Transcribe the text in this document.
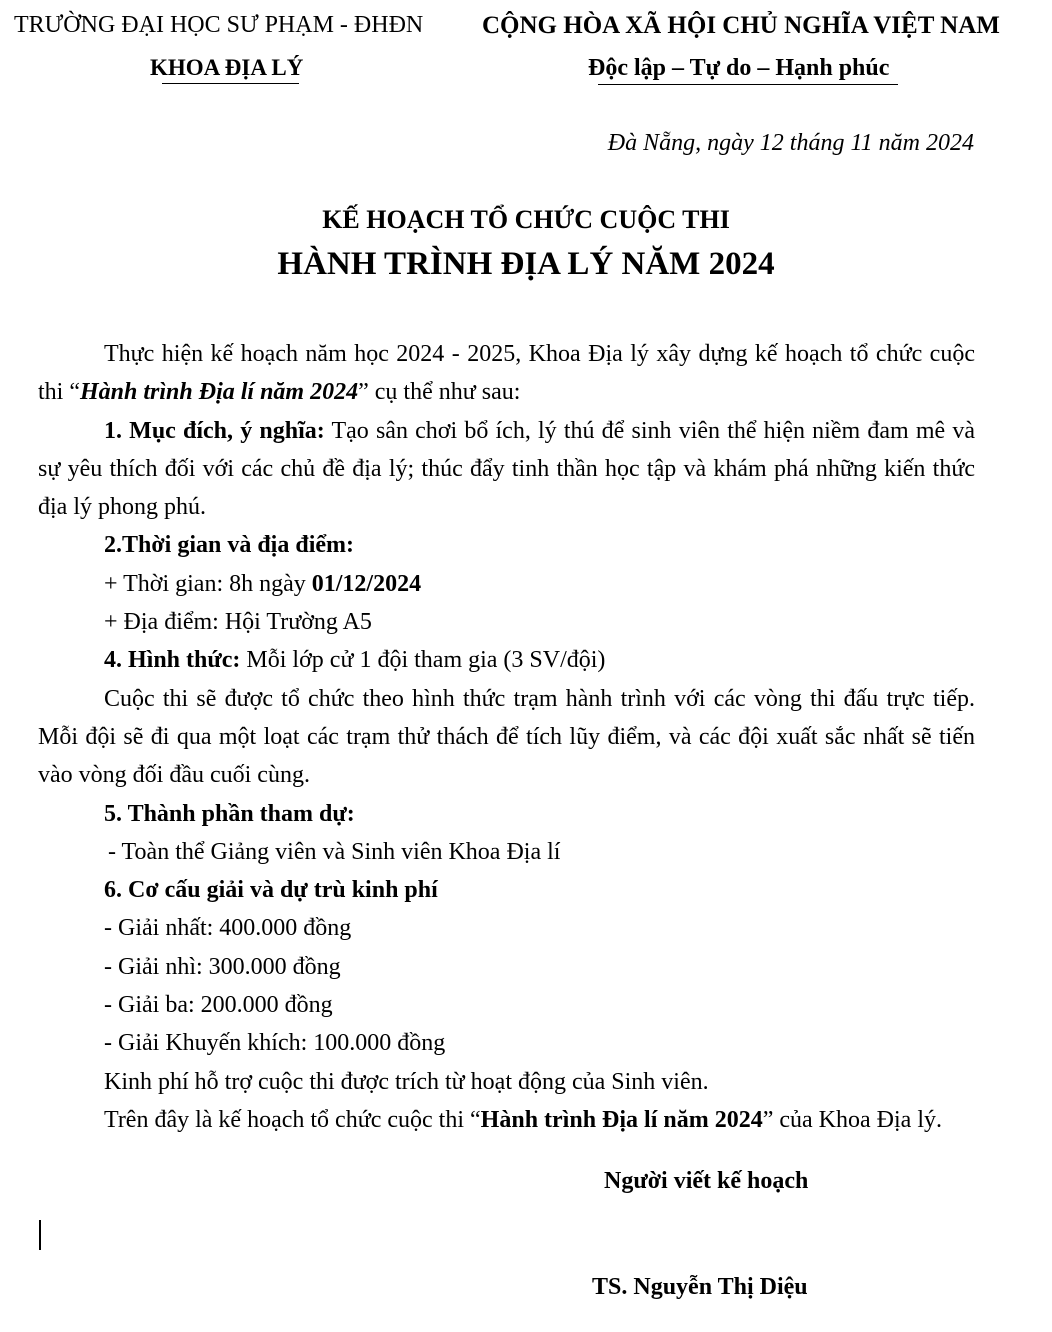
TRƯỜNG ĐẠI HỌC SƯ PHẠM - ĐHĐN
KHOA ĐỊA LÝ
CỘNG HÒA XÃ HỘI CHỦ NGHĨA VIỆT NAM
Độc lập – Tự do – Hạnh phúc
Đà Nẵng, ngày 12 tháng 11 năm 2024
KẾ HOẠCH TỔ CHỨC CUỘC THI
HÀNH TRÌNH ĐỊA LÝ NĂM 2024

Thực hiện kế hoạch năm học 2024 - 2025, Khoa Địa lý xây dựng kế hoạch tổ chức cuộc thi “Hành trình Địa lí năm 2024” cụ thể như sau:

1. Mục đích, ý nghĩa: Tạo sân chơi bổ ích, lý thú để sinh viên thể hiện niềm đam mê và sự yêu thích đối với các chủ đề địa lý; thúc đẩy tinh thần học tập và khám phá những kiến thức địa lý phong phú.

2.Thời gian và địa điểm:

+ Thời gian: 8h ngày 01/12/2024

+ Địa điểm: Hội Trường A5

4. Hình thức: Mỗi lớp cử 1 đội tham gia (3 SV/đội)

Cuộc thi sẽ được tổ chức theo hình thức trạm hành trình với các vòng thi đấu trực tiếp. Mỗi đội sẽ đi qua một loạt các trạm thử thách để tích lũy điểm, và các đội xuất sắc nhất sẽ tiến vào vòng đối đầu cuối cùng.

5. Thành phần tham dự:

- Toàn thể Giảng viên và Sinh viên Khoa Địa lí

6. Cơ cấu giải và dự trù kinh phí

- Giải nhất: 400.000 đồng

- Giải nhì: 300.000 đồng

- Giải ba: 200.000 đồng

- Giải Khuyến khích: 100.000 đồng

Kinh phí hỗ trợ cuộc thi được trích từ hoạt động của Sinh viên.

Trên đây là kế hoạch tổ chức cuộc thi “Hành trình Địa lí năm 2024” của Khoa Địa lý.

Người viết kế hoạch
TS. Nguyễn Thị Diệu
